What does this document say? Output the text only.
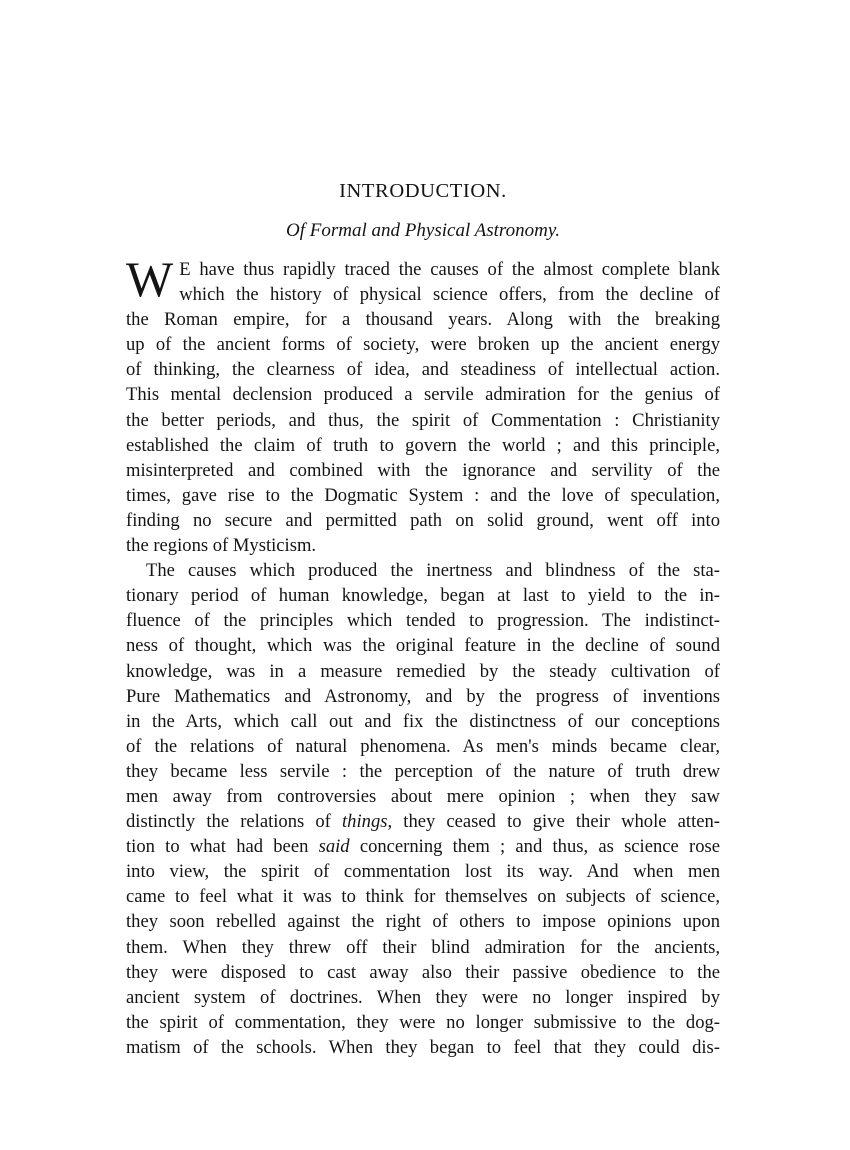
INTRODUCTION.
Of Formal and Physical Astronomy.
W E have thus rapidly traced the causes of the almost complete blank
which the history of physical science offers, from the decline of
the Roman empire, for a thousand years. Along with the breaking
up of the ancient forms of society, were broken up the ancient energy
of thinking, the clearness of idea, and steadiness of intellectual action.
This mental declension produced a servile admiration for the genius of
the better periods, and thus, the spirit of Commentation : Christianity
established the claim of truth to govern the world ; and this principle,
misinterpreted and combined with the ignorance and servility of the
times, gave rise to the Dogmatic System : and the love of speculation,
finding no secure and permitted path on solid ground, went off into
the regions of Mysticism.
The causes which produced the inertness and blindness of the sta-
tionary period of human knowledge, began at last to yield to the in-
fluence of the principles which tended to progression. The indistinct-
ness of thought, which was the original feature in the decline of sound
knowledge, was in a measure remedied by the steady cultivation of
Pure Mathematics and Astronomy, and by the progress of inventions
in the Arts, which call out and fix the distinctness of our conceptions
of the relations of natural phenomena. As men's minds became clear,
they became less servile : the perception of the nature of truth drew
men away from controversies about mere opinion ; when they saw
distinctly the relations of things, they ceased to give their whole atten-
tion to what had been said concerning them ; and thus, as science rose
into view, the spirit of commentation lost its way. And when men
came to feel what it was to think for themselves on subjects of science,
they soon rebelled against the right of others to impose opinions upon
them. When they threw off their blind admiration for the ancients,
they were disposed to cast away also their passive obedience to the
ancient system of doctrines. When they were no longer inspired by
the spirit of commentation, they were no longer submissive to the dog-
matism of the schools. When they began to feel that they could dis-
